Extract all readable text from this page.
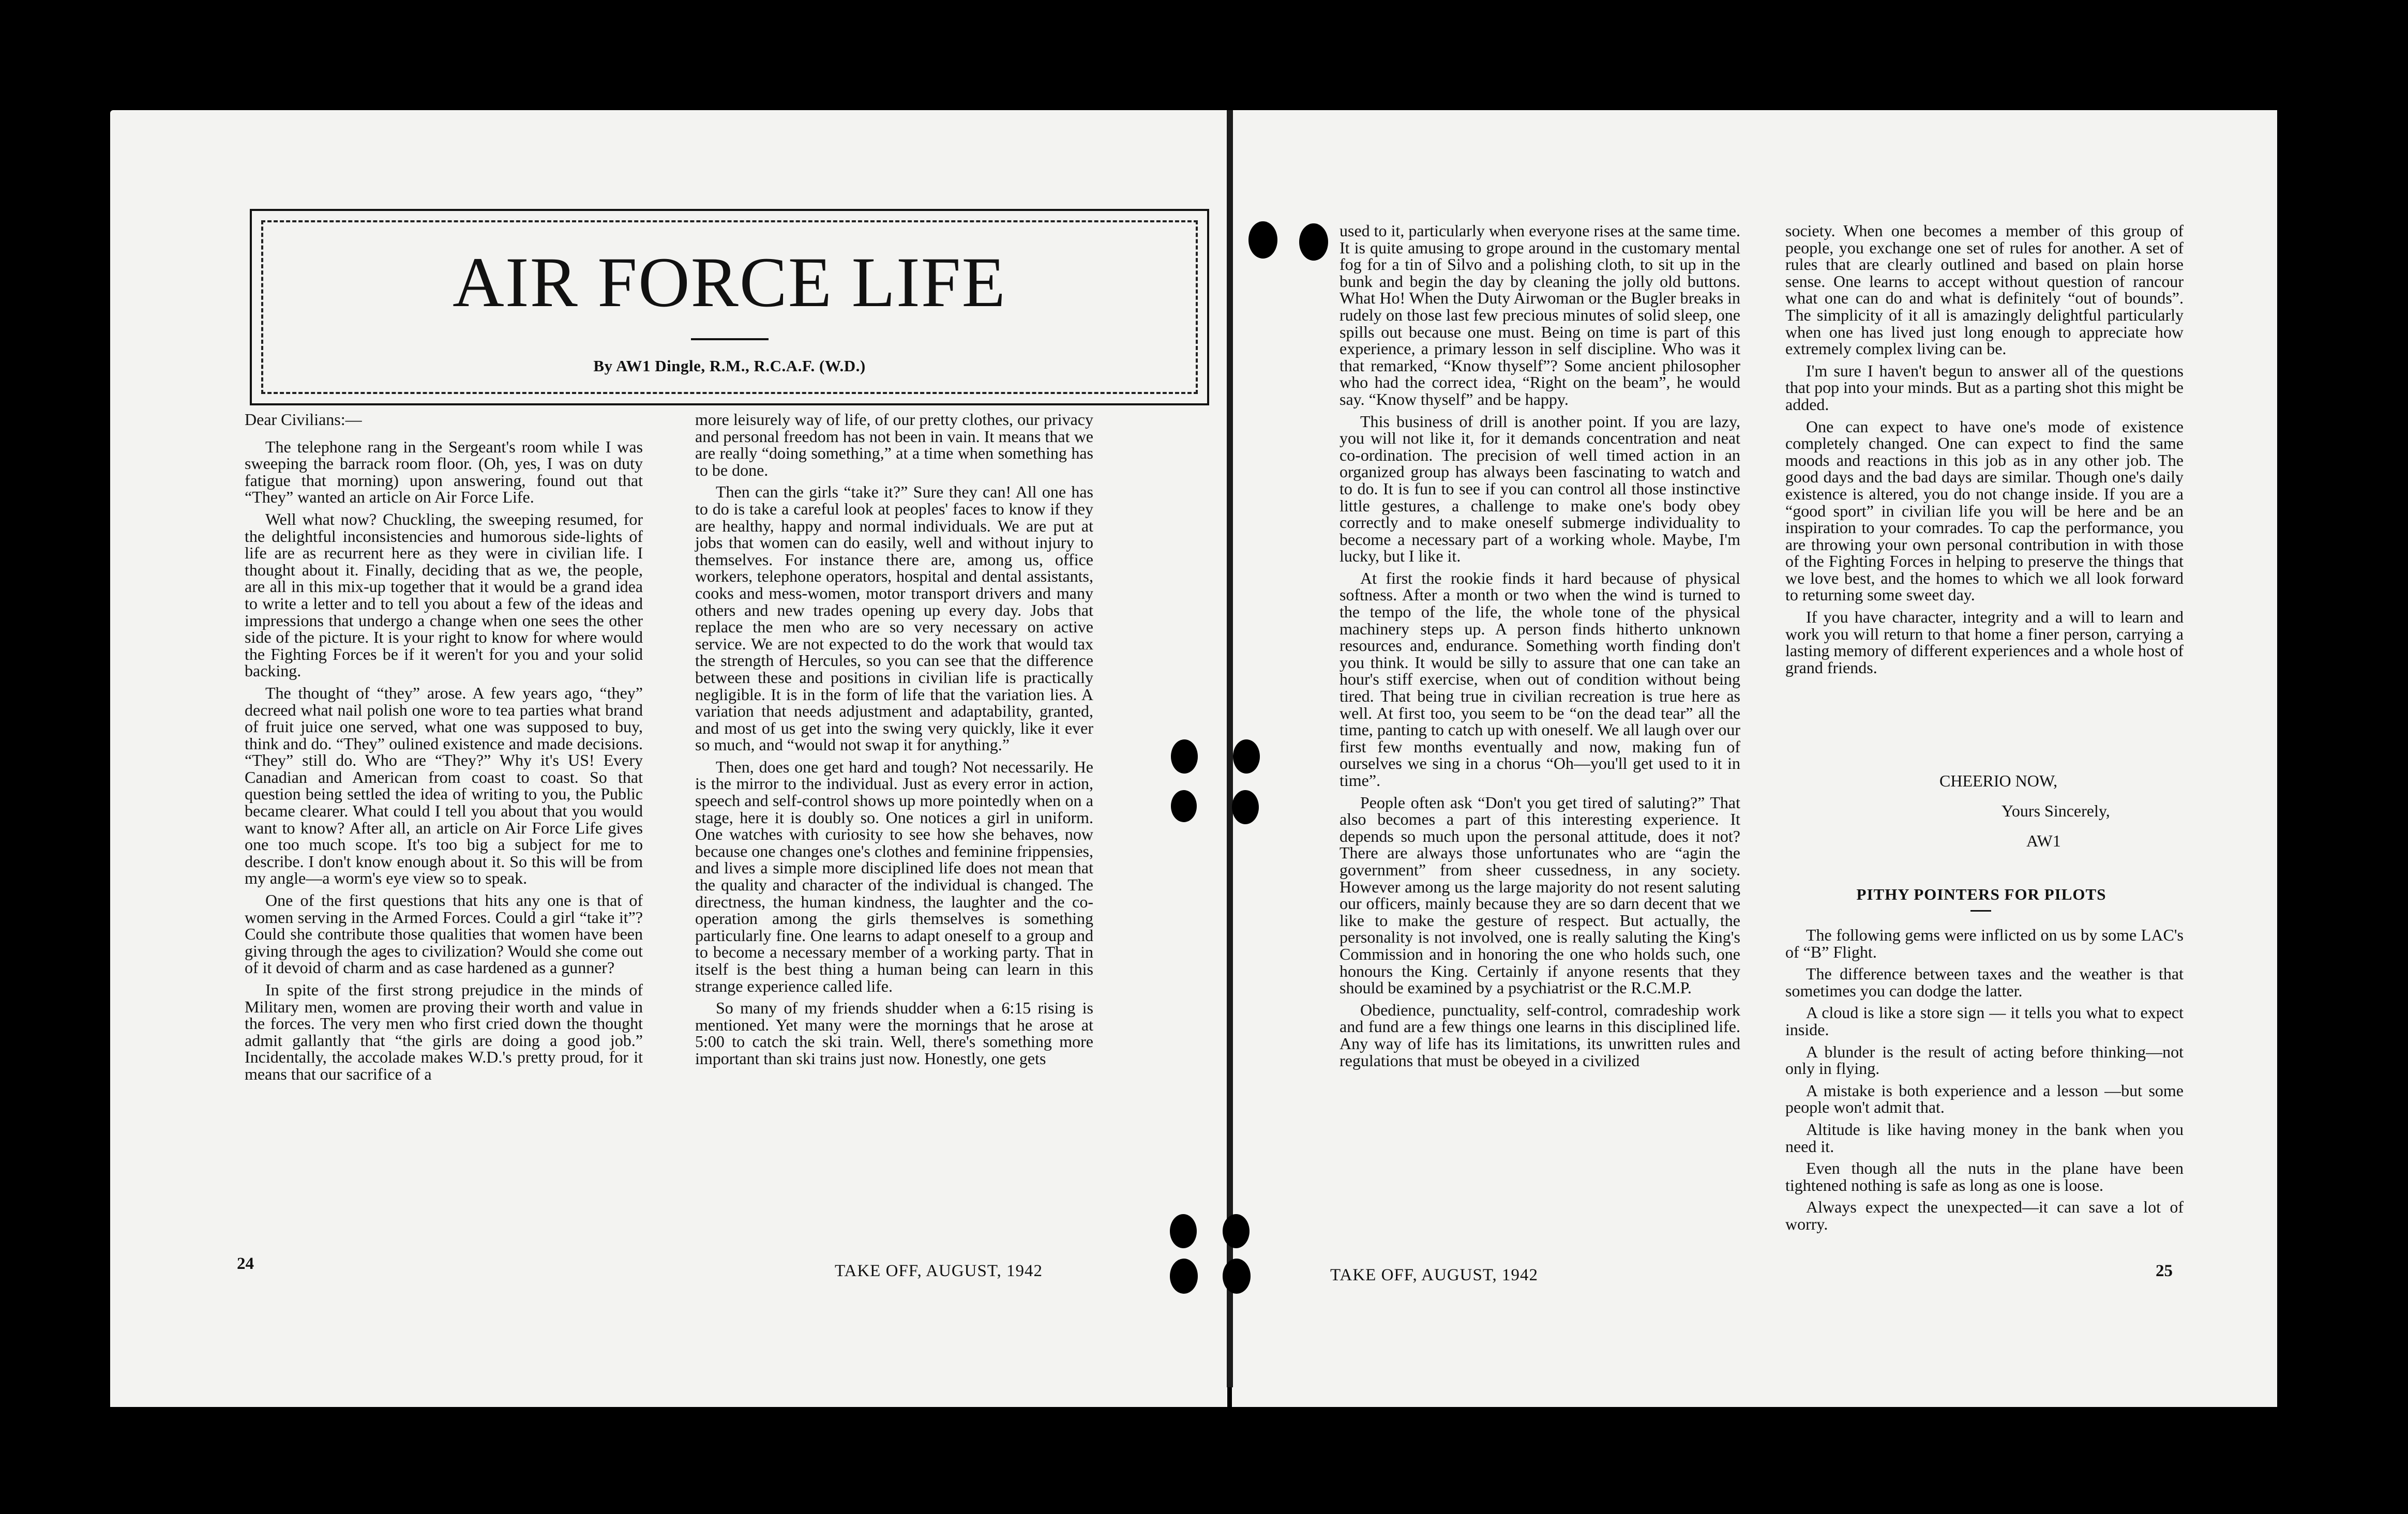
AIR FORCE LIFE
By AW1 Dingle, R.M., R.C.A.F. (W.D.)

Dear Civilians:—

The telephone rang in the Sergeant's room while I was sweeping the barrack room floor. (Oh, yes, I was on duty fatigue that morning) upon answering, found out that “They” wanted an article on Air Force Life.

Well what now? Chuckling, the sweeping resumed, for the delightful inconsistencies and humorous side-lights of life are as recurrent here as they were in civilian life. I thought about it. Finally, deciding that as we, the people, are all in this mix-up together that it would be a grand idea to write a letter and to tell you about a few of the ideas and impressions that undergo a change when one sees the other side of the picture. It is your right to know for where would the Fighting Forces be if it weren't for you and your solid backing.

The thought of “they” arose. A few years ago, “they” decreed what nail polish one wore to tea parties what brand of fruit juice one served, what one was supposed to buy, think and do. “They” oulined existence and made decisions. “They” still do. Who are “They?” Why it's US! Every Canadian and American from coast to coast. So that question being settled the idea of writing to you, the Public became clearer. What could I tell you about that you would want to know? After all, an article on Air Force Life gives one too much scope. It's too big a subject for me to describe. I don't know enough about it. So this will be from my angle—a worm's eye view so to speak.

One of the first questions that hits any one is that of women serving in the Armed Forces. Could a girl “take it”? Could she contribute those qualities that women have been giving through the ages to civilization? Would she come out of it devoid of charm and as case hardened as a gunner?

In spite of the first strong prejudice in the minds of Military men, women are proving their worth and value in the forces. The very men who first cried down the thought admit gallantly that “the girls are doing a good job.” Incidentally, the accolade makes W.D.'s pretty proud, for it means that our sacrifice of a

more leisurely way of life, of our pretty clothes, our privacy and personal freedom has not been in vain. It means that we are really “doing something,” at a time when something has to be done.

Then can the girls “take it?” Sure they can! All one has to do is take a careful look at peoples' faces to know if they are healthy, happy and normal individuals. We are put at jobs that women can do easily, well and without injury to themselves. For instance there are, among us, office workers, telephone operators, hospital and dental assistants, cooks and mess-women, motor transport drivers and many others and new trades opening up every day. Jobs that replace the men who are so very necessary on active service. We are not expected to do the work that would tax the strength of Hercules, so you can see that the difference between these and positions in civilian life is practically negligible. It is in the form of life that the variation lies. A variation that needs adjustment and adaptability, granted, and most of us get into the swing very quickly, like it ever so much, and “would not swap it for anything.”

Then, does one get hard and tough? Not necessarily. He is the mirror to the individual. Just as every error in action, speech and self-control shows up more pointedly when on a stage, here it is doubly so. One notices a girl in uniform. One watches with curiosity to see how she behaves, now because one changes one's clothes and feminine frippensies, and lives a simple more disciplined life does not mean that the quality and character of the individual is changed. The directness, the human kindness, the laughter and the co-operation among the girls themselves is something particularly fine. One learns to adapt oneself to a group and to become a necessary member of a working party. That in itself is the best thing a human being can learn in this strange experience called life.

So many of my friends shudder when a 6:15 rising is mentioned. Yet many were the mornings that he arose at 5:00 to catch the ski train. Well, there's something more important than ski trains just now. Honestly, one gets

24	TAKE OFF, AUGUST, 1942

used to it, particularly when everyone rises at the same time. It is quite amusing to grope around in the customary mental fog for a tin of Silvo and a polishing cloth, to sit up in the bunk and begin the day by cleaning the jolly old buttons. What Ho! When the Duty Airwoman or the Bugler breaks in rudely on those last few precious minutes of solid sleep, one spills out because one must. Being on time is part of this experience, a primary lesson in self discipline. Who was it that remarked, “Know thyself”? Some ancient philosopher who had the correct idea, “Right on the beam”, he would say. “Know thyself” and be happy.

This business of drill is another point. If you are lazy, you will not like it, for it demands concentration and neat co-ordination. The precision of well timed action in an organized group has always been fascinating to watch and to do. It is fun to see if you can control all those instinctive little gestures, a challenge to make one's body obey correctly and to make oneself submerge individuality to become a necessary part of a working whole. Maybe, I'm lucky, but I like it.

At first the rookie finds it hard because of physical softness. After a month or two when the wind is turned to the tempo of the life, the whole tone of the physical machinery steps up. A person finds hitherto unknown resources and, endurance. Something worth finding don't you think. It would be silly to assure that one can take an hour's stiff exercise, when out of condition without being tired. That being true in civilian recreation is true here as well. At first too, you seem to be “on the dead tear” all the time, panting to catch up with oneself. We all laugh over our first few months eventually and now, making fun of ourselves we sing in a chorus “Oh—you'll get used to it in time”.

People often ask “Don't you get tired of saluting?” That also becomes a part of this interesting experience. It depends so much upon the personal attitude, does it not? There are always those unfortunates who are “agin the government” from sheer cussedness, in any society. However among us the large majority do not resent saluting our officers, mainly because they are so darn decent that we like to make the gesture of respect. But actually, the personality is not involved, one is really saluting the King's Commission and in honoring the one who holds such, one honours the King. Certainly if anyone resents that they should be examined by a psychiatrist or the R.C.M.P.

Obedience, punctuality, self-control, comradeship work and fund are a few things one learns in this disciplined life. Any way of life has its limitations, its unwritten rules and regulations that must be obeyed in a civilized

society. When one becomes a member of this group of people, you exchange one set of rules for another. A set of rules that are clearly outlined and based on plain horse sense. One learns to accept without question of rancour what one can do and what is definitely “out of bounds”. The simplicity of it all is amazingly delightful particularly when one has lived just long enough to appreciate how extremely complex living can be.

I'm sure I haven't begun to answer all of the questions that pop into your minds. But as a parting shot this might be added.

One can expect to have one's mode of existence completely changed. One can expect to find the same moods and reactions in this job as in any other job. The good days and the bad days are similar. Though one's daily existence is altered, you do not change inside. If you are a “good sport” in civilian life you will be here and be an inspiration to your comrades. To cap the performance, you are throwing your own personal contribution in with those of the Fighting Forces in helping to preserve the things that we love best, and the homes to which we all look forward to returning some sweet day.

If you have character, integrity and a will to learn and work you will return to that home a finer person, carrying a lasting memory of different experiences and a whole host of grand friends.

CHEERIO NOW,
Yours Sincerely,
AW1
PITHY POINTERS FOR PILOTS

The following gems were inflicted on us by some LAC's of “B” Flight.

The difference between taxes and the weather is that sometimes you can dodge the latter.

A cloud is like a store sign — it tells you what to expect inside.

A blunder is the result of acting before thinking—not only in flying.

A mistake is both experience and a lesson —but some people won't admit that.

Altitude is like having money in the bank when you need it.

Even though all the nuts in the plane have been tightened nothing is safe as long as one is loose.

Always expect the unexpected—it can save a lot of worry.

TAKE OFF, AUGUST, 1942	25
